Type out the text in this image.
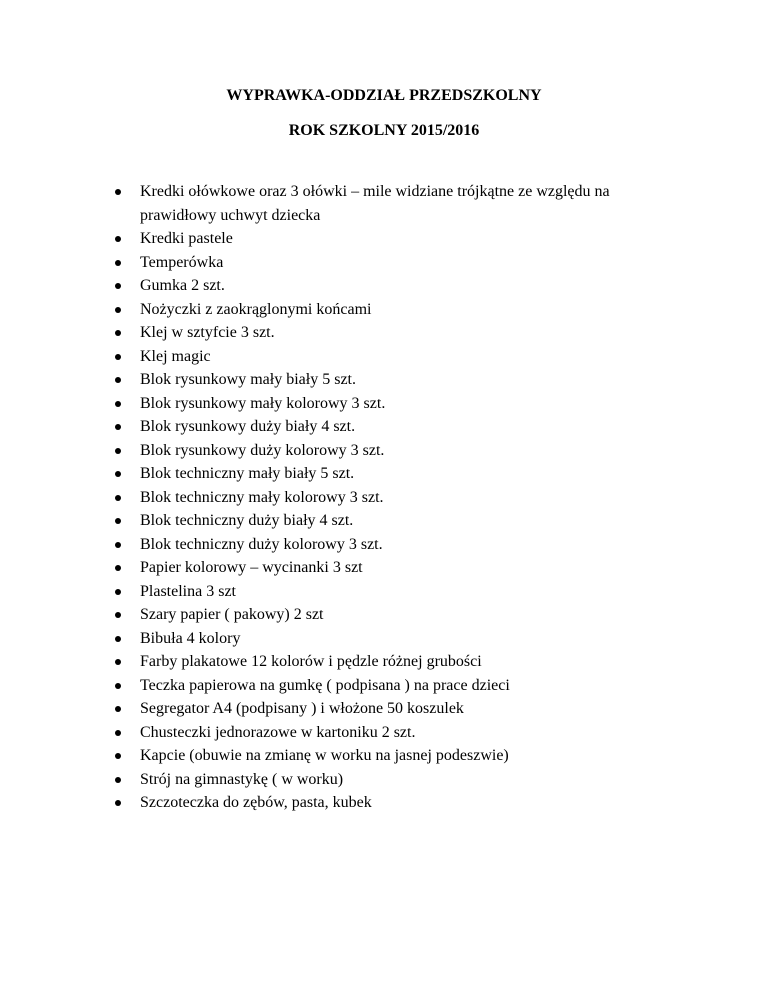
WYPRAWKA-ODDZIAŁ PRZEDSZKOLNY
ROK SZKOLNY 2015/2016
Kredki ołówkowe oraz 3 ołówki – mile widziane trójkątne ze względu na prawidłowy uchwyt dziecka
Kredki pastele
Temperówka
Gumka 2 szt.
Nożyczki z zaokrąglonymi końcami
Klej w sztyfcie 3 szt.
Klej magic
Blok rysunkowy mały biały 5 szt.
Blok rysunkowy mały kolorowy 3 szt.
Blok rysunkowy duży biały 4 szt.
Blok rysunkowy duży kolorowy 3 szt.
Blok techniczny mały biały 5 szt.
Blok techniczny mały kolorowy 3 szt.
Blok techniczny duży biały 4 szt.
Blok techniczny duży kolorowy 3 szt.
Papier kolorowy – wycinanki 3 szt
Plastelina 3 szt
Szary papier ( pakowy) 2 szt
Bibuła 4 kolory
Farby plakatowe 12 kolorów i pędzle różnej grubości
Teczka papierowa na gumkę ( podpisana ) na prace dzieci
Segregator A4 (podpisany ) i włożone 50 koszulek
Chusteczki jednorazowe w kartoniku 2 szt.
Kapcie (obuwie na zmianę w worku na jasnej podeszwie)
Strój na gimnastykę ( w worku)
Szczoteczka do zębów, pasta, kubek
